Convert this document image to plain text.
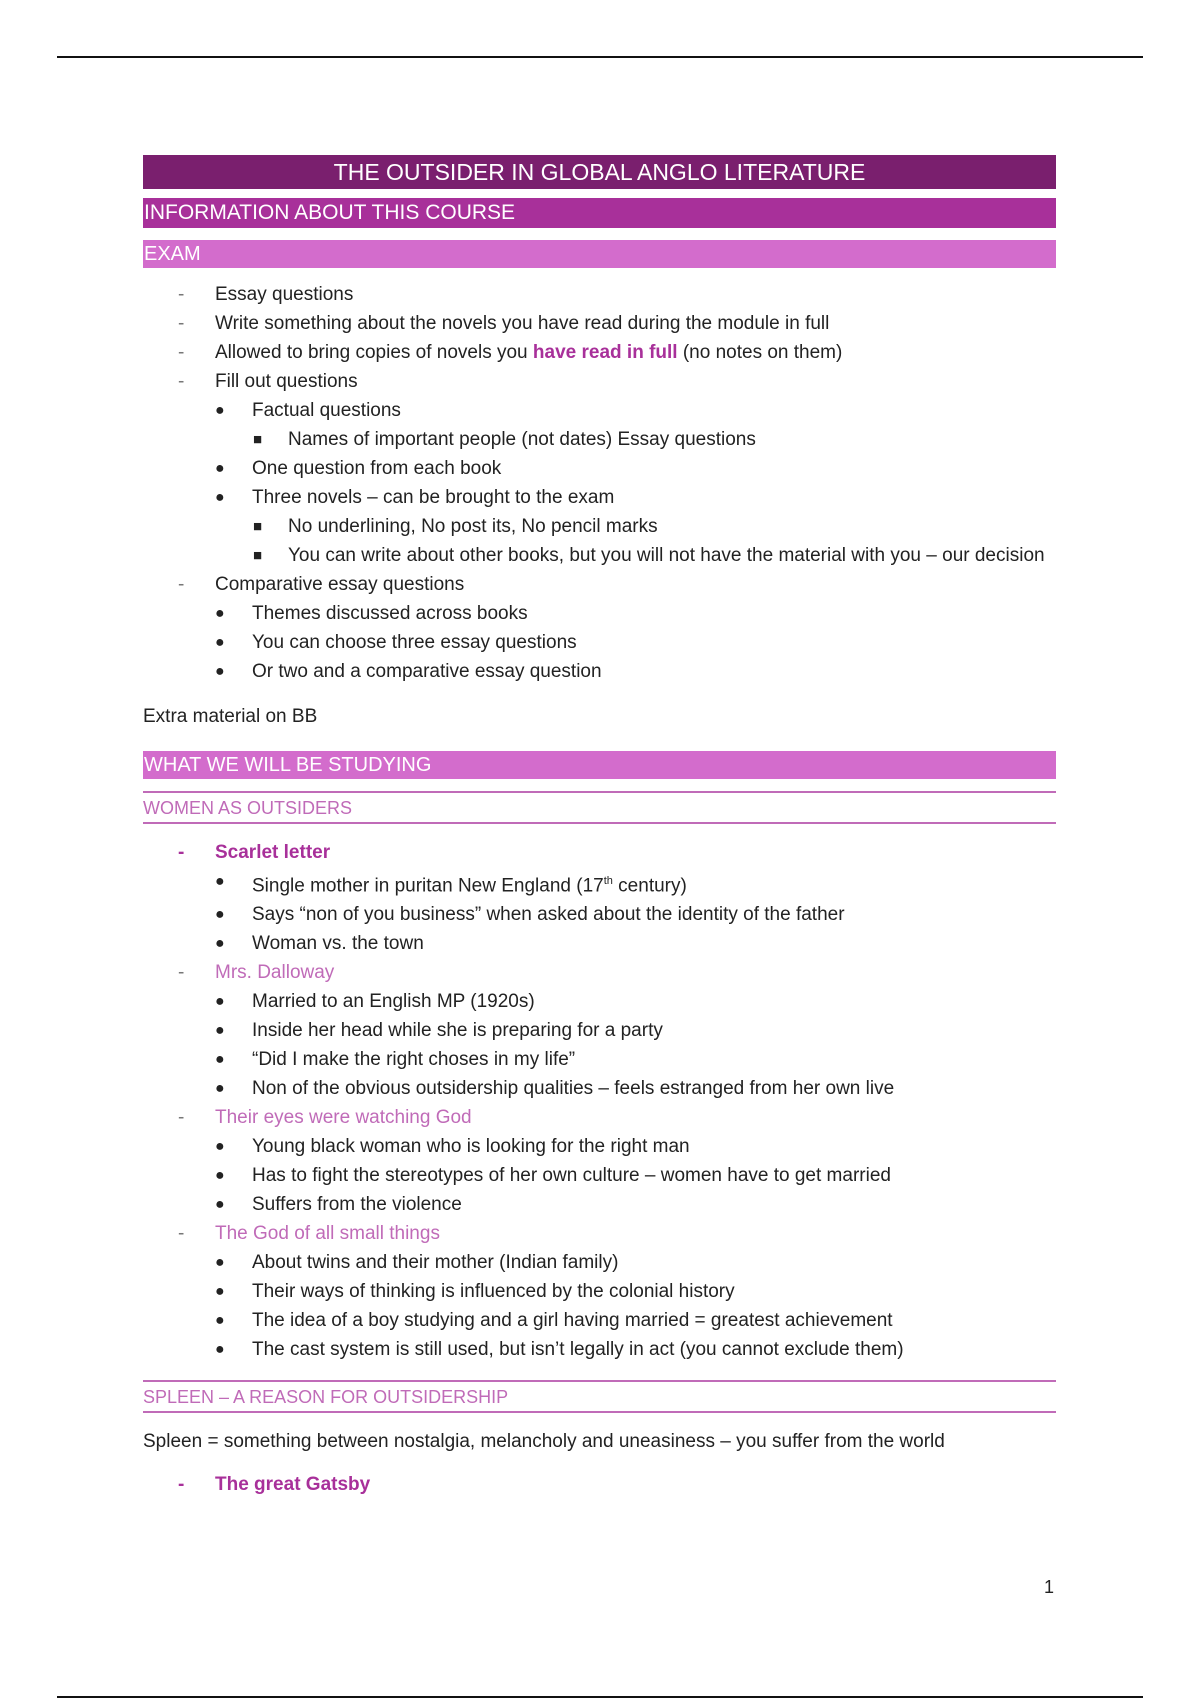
THE OUTSIDER IN GLOBAL ANGLO LITERATURE
INFORMATION ABOUT THIS COURSE
EXAM
- Essay questions
- Write something about the novels you have read during the module in full
- Allowed to bring copies of novels you have read in full (no notes on them)
- Fill out questions
● Factual questions
■ Names of important people (not dates) Essay questions
● One question from each book
● Three novels – can be brought to the exam
■ No underlining, No post its, No pencil marks
■ You can write about other books, but you will not have the material with you – our decision
- Comparative essay questions
● Themes discussed across books
● You can choose three essay questions
● Or two and a comparative essay question
Extra material on BB
WHAT WE WILL BE STUDYING
WOMEN AS OUTSIDERS
- Scarlet letter
● Single mother in puritan New England (17th century)
● Says “non of you business” when asked about the identity of the father
● Woman vs. the town
- Mrs. Dalloway
● Married to an English MP (1920s)
● Inside her head while she is preparing for a party
● “Did I make the right choses in my life”
● Non of the obvious outsidership qualities – feels estranged from her own live
- Their eyes were watching God
● Young black woman who is looking for the right man
● Has to fight the stereotypes of her own culture – women have to get married
● Suffers from the violence
- The God of all small things
● About twins and their mother (Indian family)
● Their ways of thinking is influenced by the colonial history
● The idea of a boy studying and a girl having married = greatest achievement
● The cast system is still used, but isn’t legally in act (you cannot exclude them)
SPLEEN – A REASON FOR OUTSIDERSHIP
Spleen = something between nostalgia, melancholy and uneasiness – you suffer from the world
- The great Gatsby
1
